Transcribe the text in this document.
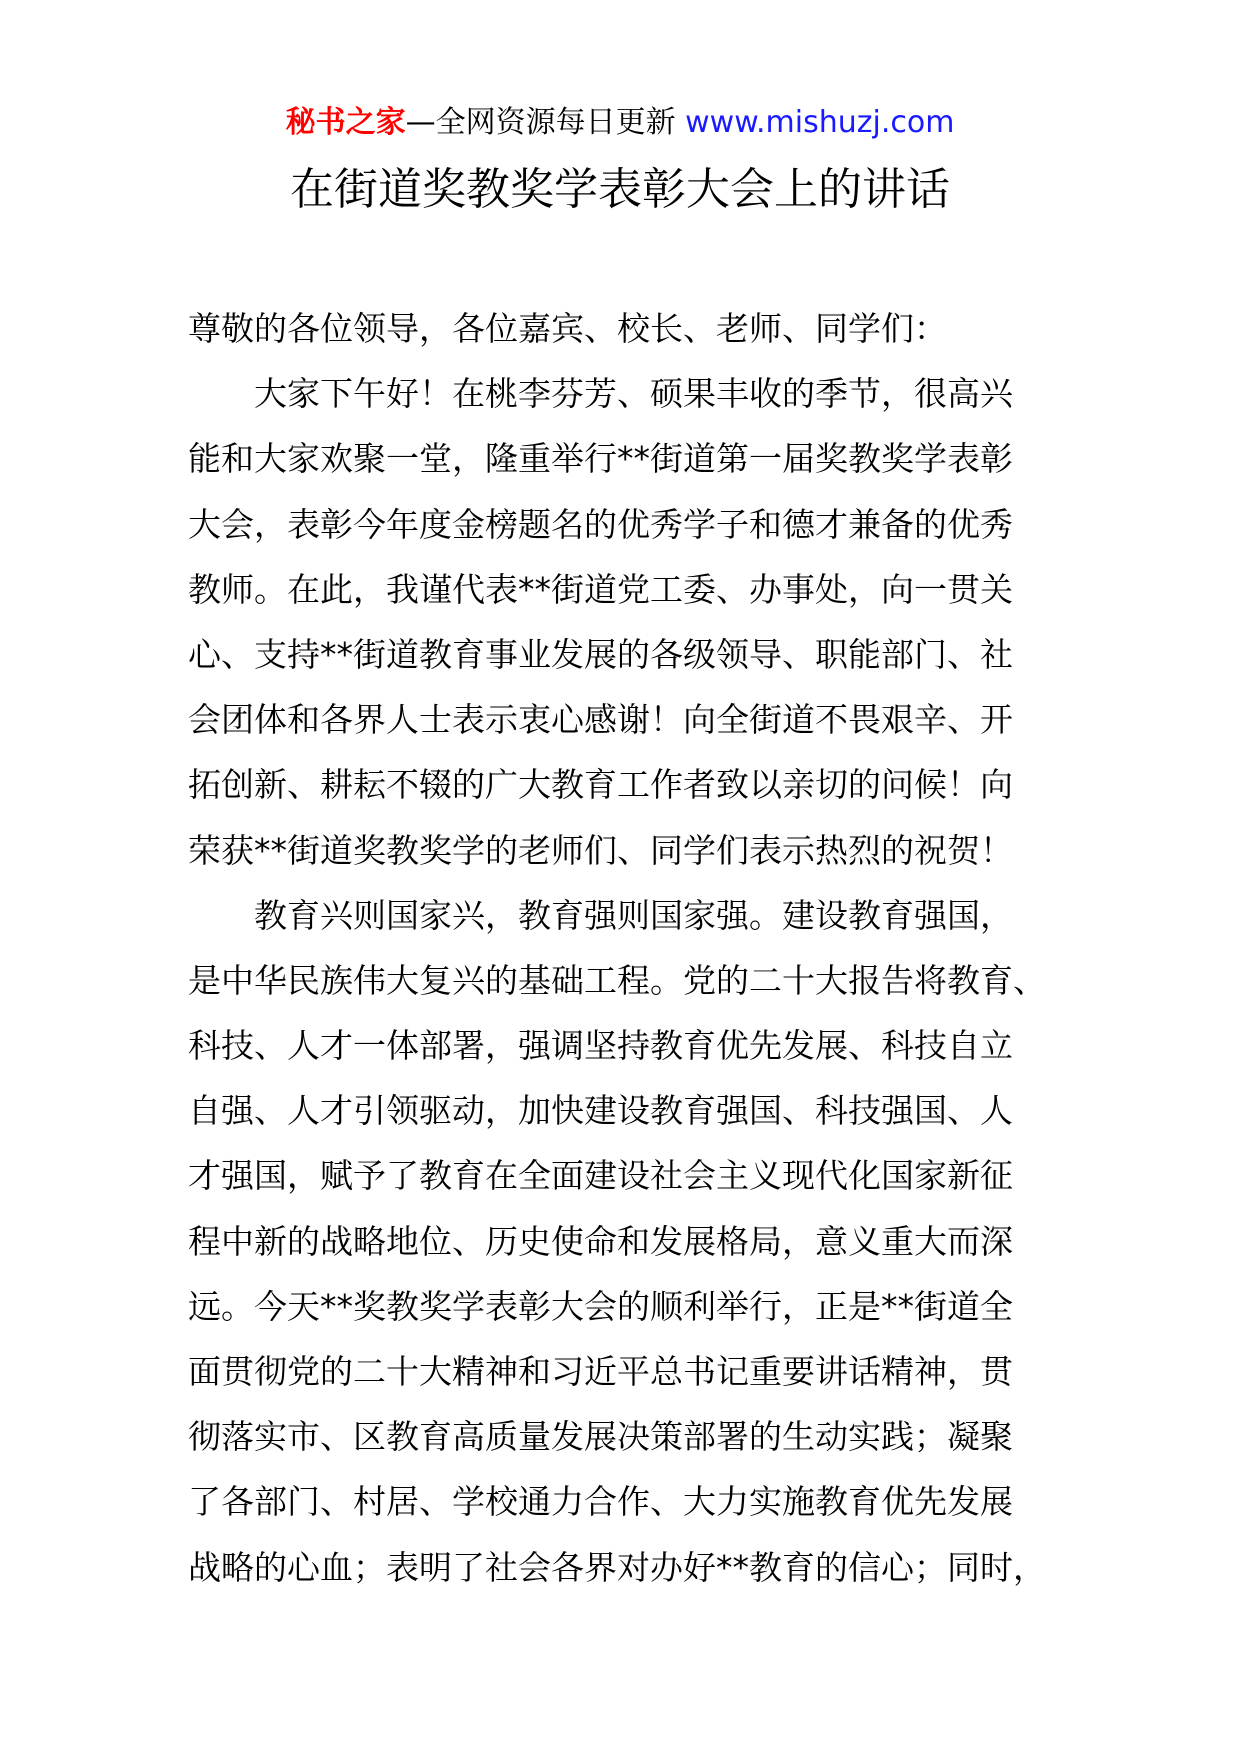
秘书之家—全网资源每日更新 www.mishuzj.com
在街道奖教奖学表彰大会上的讲话
尊敬的各位领导，各位嘉宾、校长、老师、同学们：
大家下午好！在桃李芬芳、硕果丰收的季节，很高兴
能和大家欢聚一堂，隆重举行**街道第一届奖教奖学表彰
大会，表彰今年度金榜题名的优秀学子和德才兼备的优秀
教师。在此，我谨代表**街道党工委、办事处，向一贯关
心、支持**街道教育事业发展的各级领导、职能部门、社
会团体和各界人士表示衷心感谢！向全街道不畏艰辛、开
拓创新、耕耘不辍的广大教育工作者致以亲切的问候！向
荣获**街道奖教奖学的老师们、同学们表示热烈的祝贺！
教育兴则国家兴，教育强则国家强。建设教育强国，
是中华民族伟大复兴的基础工程。党的二十大报告将教育、
科技、人才一体部署，强调坚持教育优先发展、科技自立
自强、人才引领驱动，加快建设教育强国、科技强国、人
才强国，赋予了教育在全面建设社会主义现代化国家新征
程中新的战略地位、历史使命和发展格局，意义重大而深
远。今天**奖教奖学表彰大会的顺利举行，正是**街道全
面贯彻党的二十大精神和习近平总书记重要讲话精神，贯
彻落实市、区教育高质量发展决策部署的生动实践；凝聚
了各部门、村居、学校通力合作、大力实施教育优先发展
战略的心血；表明了社会各界对办好**教育的信心；同时，
